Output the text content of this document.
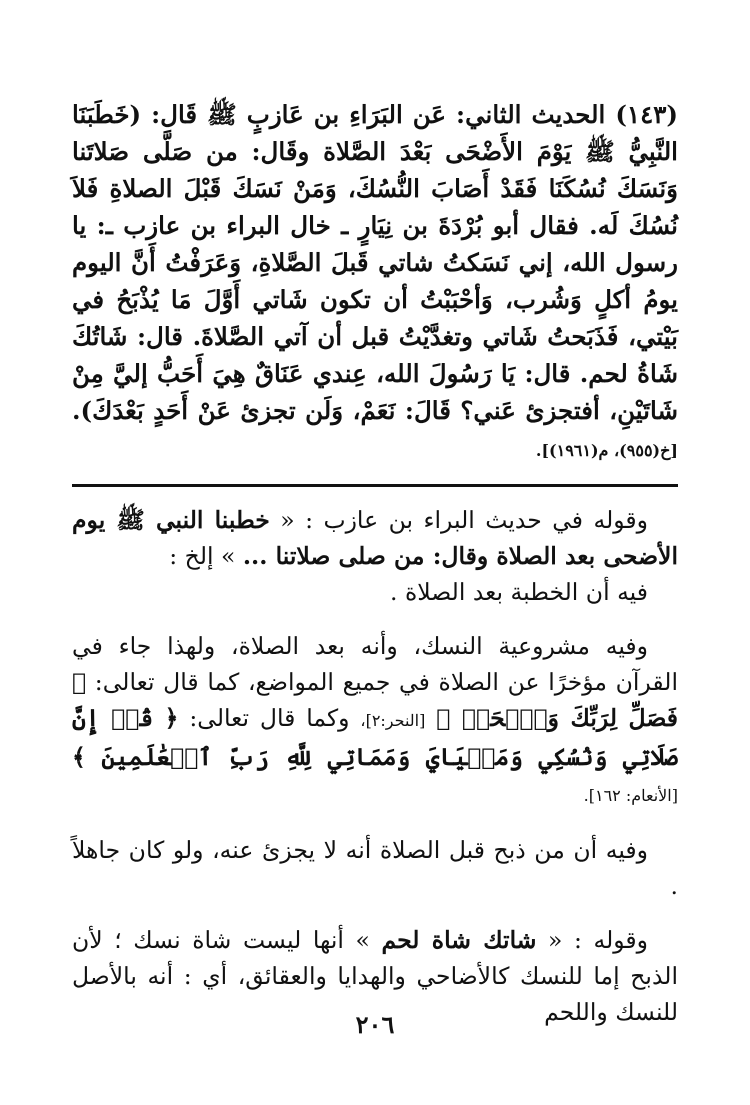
(١٤٣) الحديث الثاني: عَن البَرَاءِ بن عَازبٍ ﷺ قَال: (خَطَبَنَا النَّبِيُّ ﷺ يَوْمَ الأَضْحَى بَعْدَ الصَّلاة وقَال: من صَلَّى صَلاتَنا وَنَسَكَ نُسُكَنَا فَقَدْ أَصَابَ النُّسُكَ، وَمَنْ نَسَكَ قَبْلَ الصلاةِ فَلاَ نُسُكَ لَه. فقال أبو بُرْدَةَ بن نِيَارٍ ـ خال البراء بن عازب ـ: يا رسول الله، إني نَسَكتُ شاتي قَبلَ الصَّلاةِ، وَعَرَفْتُ أَنَّ اليوم يومُ أكلٍ وَشُرب، وَأحْبَبْتُ أن تكون شَاتي أَوَّلَ مَا يُذْبَحُ في بَيْتي، فَذَبَحتُ شَاتي وتغدَّيْتُ قبل أن آتي الصَّلاةَ. قال: شَاتُكَ شَاةُ لحم. قال: يَا رَسُولَ الله، عِندي عَنَاقٌ هِيَ أَحَبُّ إليَّ مِنْ شَاتَيْنِ، أفتجزئ عَني؟ قَالَ: نَعَمْ، وَلَن تجزئ عَنْ أَحَدٍ بَعْدَكَ). [خ(٩٥٥)، م(١٩٦١)].

وقوله في حديث البراء بن عازب : « خطبنا النبي ﷺ يوم الأضحى بعد الصلاة وقال: من صلى صلاتنا ... » إلخ :

فيه أن الخطبة بعد الصلاة .

وفيه مشروعية النسك، وأنه بعد الصلاة، ولهذا جاء في القرآن مؤخرًا عن الصلاة في جميع المواضع، كما قال تعالى: ﴿ فَصَلِّ لِرَبِّكَ وَٱنۡحَرۡ ﴾ [النحر:٢]، وكما قال تعالى: ﴿ قُلۡ إِنَّ صَلَاتِي وَنُسُكِي وَمَحۡيَايَ وَمَمَاتِي لِلَّهِ رَبِّ ٱلۡعَٰلَمِينَ ﴾ [الأنعام: ١٦٢].

وفيه أن من ذبح قبل الصلاة أنه لا يجزئ عنه، ولو كان جاهلاً .

وقوله : « شاتك شاة لحم » أنها ليست شاة نسك ؛ لأن الذبح إما للنسك كالأضاحي والهدايا والعقائق، أي : أنه بالأصل للنسك واللحم

٢٠٦
